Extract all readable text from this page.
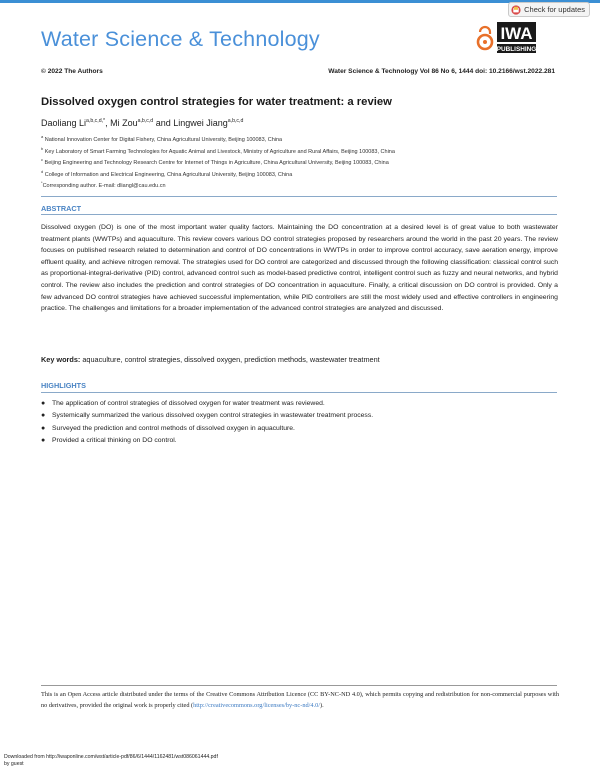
Check for updates
Water Science & Technology	IWA
PUBLISHING
© 2022 The Authors	Water Science & Technology Vol 86 No 6, 1444 doi: 10.2166/wst.2022.281
Dissolved oxygen control strategies for water treatment: a review
Daoliang $Li^{a,b,c,d,*}$, Mi Zou$^{a,b,c,d}$ and Lingwei Jiang$^{a,b,c,d}$
$^a$ National Innovation Center for Digital Fishery, China Agricultural University, Beijing 100083, China
$^b$ Key Laboratory of Smart Farming Technologies for Aquatic Animal and Livestock, Ministry of Agriculture and Rural Affairs, Beijing 100083, China
$^c$ Beijing Engineering and Technology Research Centre for Internet of Things in Agriculture, China Agricultural University, Beijing 100083, China
$^d$ College of Information and Electrical Engineering, China Agricultural University, Beijing 100083, China
*Corresponding author. E-mail: dliangl@cau.edu.cn
ABSTRACT
Dissolved oxygen (DO) is one of the most important water quality factors. Maintaining the DO concentration at a desired level is of great value to both wastewater treatment plants (WWTPs) and aquaculture. This review covers various DO control strategies proposed by researchers around the world in the past 20 years. The review focuses on published research related to determination and control of DO concentrations in WWTPs in order to improve control accuracy, save aeration energy, improve effluent quality, and achieve nitrogen removal. The strategies used for DO control are categorized and discussed through the following classification: classical control such as proportional-integral-derivative (PID) control, advanced control such as model-based predictive control, intelligent control such as fuzzy and neural networks, and hybrid control. The review also includes the prediction and control strategies of DO concentration in aquaculture. Finally, a critical discussion on DO control is provided. Only a few advanced DO control strategies have achieved successful implementation, while PID controllers are still the most widely used and effective controllers in engineering practice. The challenges and limitations for a broader implementation of the advanced control strategies are analyzed and discussed.
Key words: aquaculture, control strategies, dissolved oxygen, prediction methods, wastewater treatment
HIGHLIGHTS
● The application of control strategies of dissolved oxygen for water treatment was reviewed.
● Systemically summarized the various dissolved oxygen control strategies in wastewater treatment process.
● Surveyed the prediction and control methods of dissolved oxygen in aquaculture.
● Provided a critical thinking on DO control.
This is an Open Access article distributed under the terms of the Creative Commons Attribution Licence (CC BY-NC-ND 4.0), which permits copying and redistribution for non-commercial purposes with no derivatives, provided the original work is properly cited (http://creativecommons.org/licenses/by-nc-nd/4.0/).
Downloaded from http://iwaponline.com/wst/article-pdf/86/6/1444/1162481/wst086061444.pdf
by guest
